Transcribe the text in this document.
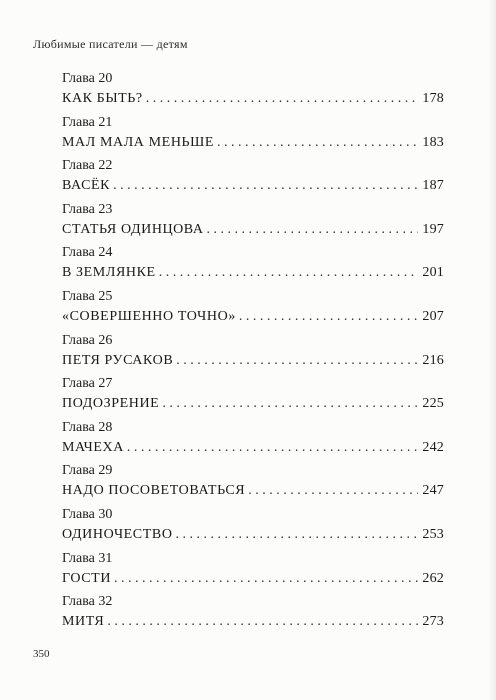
Любимые писатели — детям
Глава 20
КАК БЫТЬ? . . .	178
Глава 21
МАЛ МАЛА МЕНЬШЕ . . .	183
Глава 22
ВАСЁК . . .	187
Глава 23
СТАТЬЯ ОДИНЦОВА . . .	197
Глава 24
В ЗЕМЛЯНКЕ . . .	201
Глава 25
«СОВЕРШЕННО ТОЧНО» . . .	207
Глава 26
ПЕТЯ РУСАКОВ . . .	216
Глава 27
ПОДОЗРЕНИЕ . . .	225
Глава 28
МАЧЕХА . . .	242
Глава 29
НАДО ПОСОВЕТОВАТЬСЯ . . .	247
Глава 30
ОДИНОЧЕСТВО . . .	253
Глава 31
ГОСТИ . . .	262
Глава 32
МИТЯ . . .	273
350
